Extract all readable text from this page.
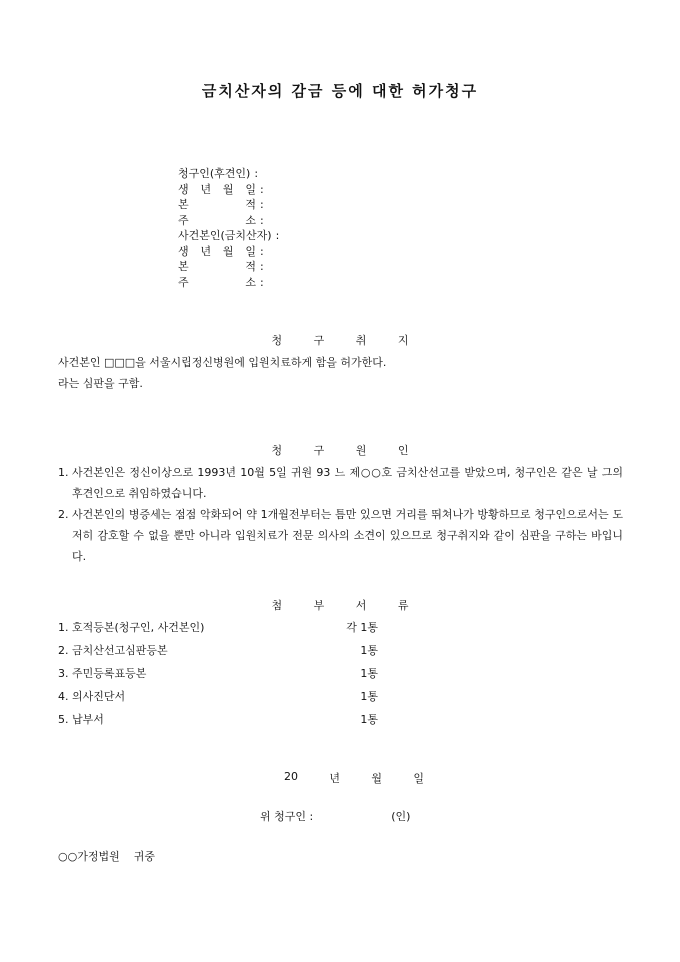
금치산자의 감금 등에 대한 허가청구
청구인(후견인) :
생 년 월 일 :
본 적 :
주 소 :
사건본인(금치산자) :
생 년 월 일 :
본 적 :
주 소 :
청 구 취 지
사건본인 □□□을 서울시립정신병원에 입원치료하게 함을 허가한다.
라는 심판을 구함.
청 구 원 인
1. 사건본인은 정신이상으로 1993년 10월 5일 귀원 93 느 제○○호 금치산선고를 받았으며, 청구인은 같은 날 그의 후견인으로 취임하였습니다.
2. 사건본인의 병증세는 점점 악화되어 약 1개월전부터는 틈만 있으면 거리를 뛰쳐나가 방황하므로 청구인으로서는 도저히 감호할 수 없을 뿐만 아니라 입원치료가 전문 의사의 소견이 있으므로 청구취지와 같이 심판을 구하는 바입니다.
첨 부 서 류
1. 호적등본(청구인, 사건본인)	각 1통
2. 금치산선고심판등본	1통
3. 주민등록표등본	1통
4. 의사진단서	1통
5. 납부서	1통
20	년	월	일
위 청구인 :	(인)
○○가정법원 귀중
